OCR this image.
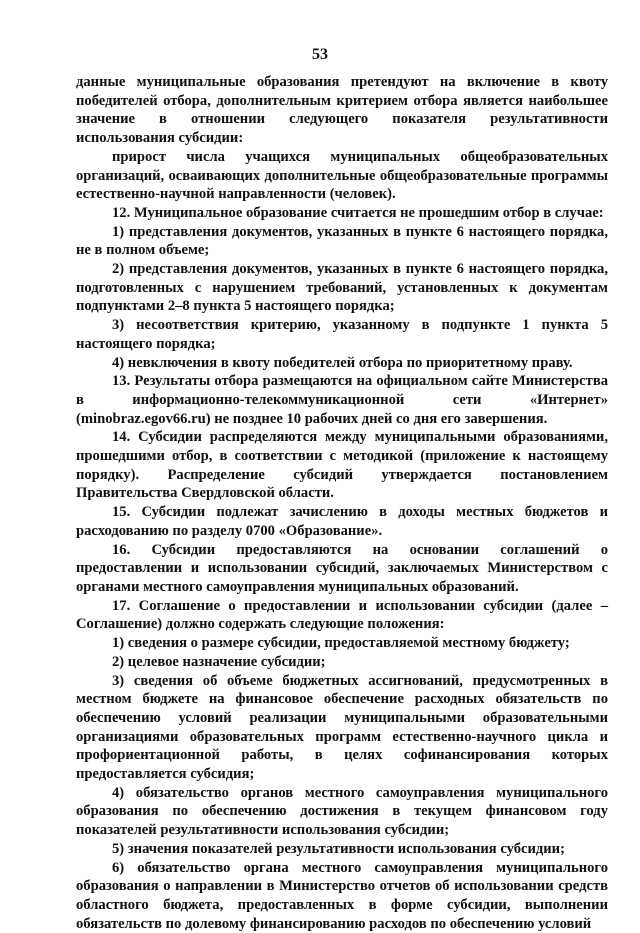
53

данные муниципальные образования претендуют на включение в квоту победителей отбора, дополнительным критерием отбора является наибольшее значение в отношении следующего показателя результативности использования субсидии:

прирост числа учащихся муниципальных общеобразовательных организаций, осваивающих дополнительные общеобразовательные программы естественно-научной направленности (человек).

12. Муниципальное образование считается не прошедшим отбор в случае:

1) представления документов, указанных в пункте 6 настоящего порядка, не в полном объеме;

2) представления документов, указанных в пункте 6 настоящего порядка, подготовленных с нарушением требований, установленных к документам подпунктами 2–8 пункта 5 настоящего порядка;

3) несоответствия критерию, указанному в подпункте 1 пункта 5 настоящего порядка;

4) невключения в квоту победителей отбора по приоритетному праву.

13. Результаты отбора размещаются на официальном сайте Министерства в информационно-телекоммуникационной сети «Интернет» (minobraz.egov66.ru) не позднее 10 рабочих дней со дня его завершения.

14. Субсидии распределяются между муниципальными образованиями, прошедшими отбор, в соответствии с методикой (приложение к настоящему порядку). Распределение субсидий утверждается постановлением Правительства Свердловской области.

15. Субсидии подлежат зачислению в доходы местных бюджетов и расходованию по разделу 0700 «Образование».

16. Субсидии предоставляются на основании соглашений о предоставлении и использовании субсидий, заключаемых Министерством с органами местного самоуправления муниципальных образований.

17. Соглашение о предоставлении и использовании субсидии (далее – Соглашение) должно содержать следующие положения:

1) сведения о размере субсидии, предоставляемой местному бюджету;

2) целевое назначение субсидии;

3) сведения об объеме бюджетных ассигнований, предусмотренных в местном бюджете на финансовое обеспечение расходных обязательств по обеспечению условий реализации муниципальными образовательными организациями образовательных программ естественно-научного цикла и профориентационной работы, в целях софинансирования которых предоставляется субсидия;

4) обязательство органов местного самоуправления муниципального образования по обеспечению достижения в текущем финансовом году показателей результативности использования субсидии;

5) значения показателей результативности использования субсидии;

6) обязательство органа местного самоуправления муниципального образования о направлении в Министерство отчетов об использовании средств областного бюджета, предоставленных в форме субсидии, выполнении обязательств по долевому финансированию расходов по обеспечению условий
